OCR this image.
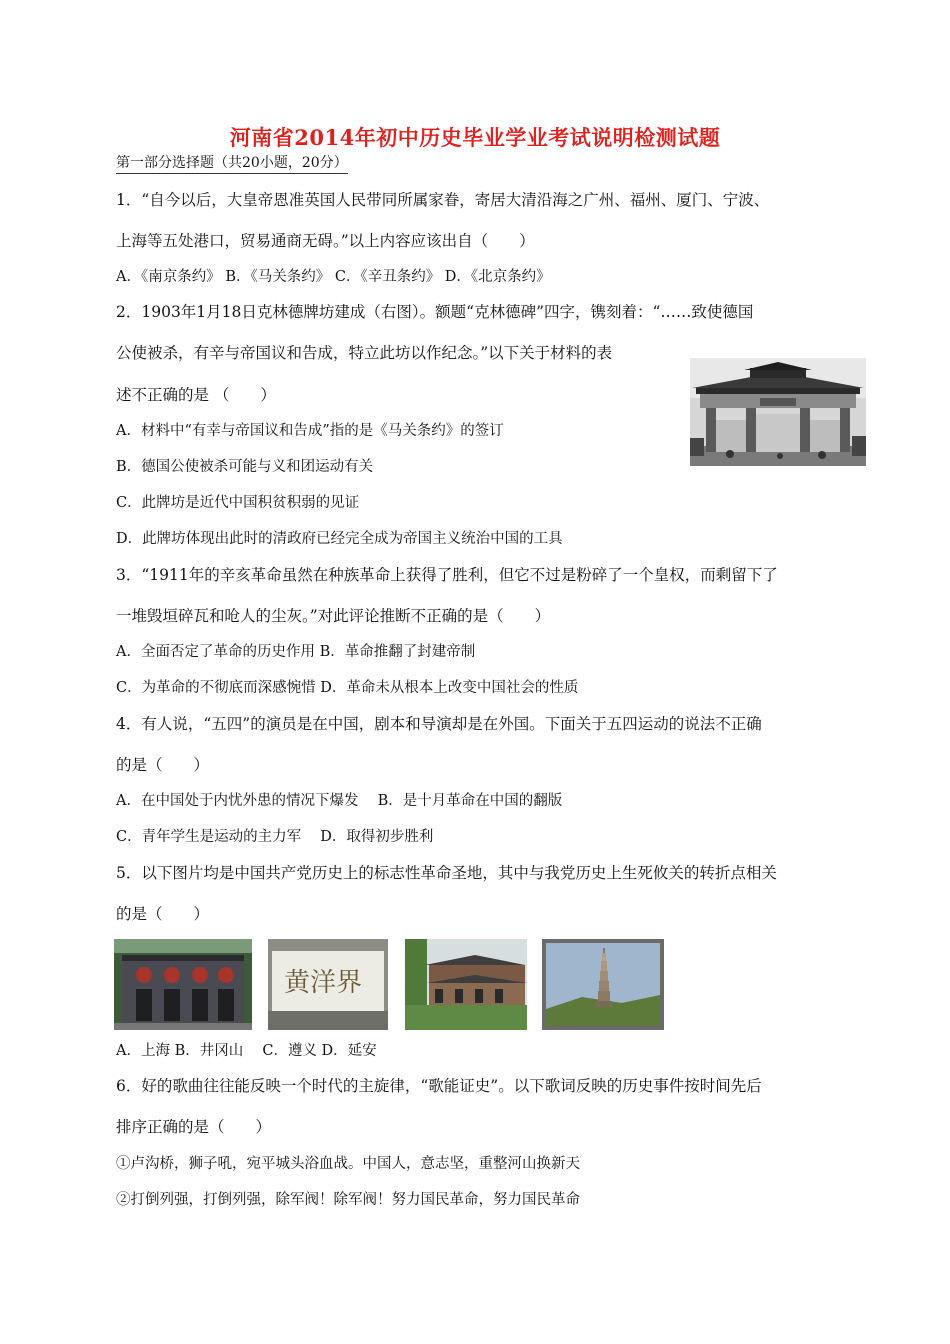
河南省2014年初中历史毕业学业考试说明检测试题
第一部分选择题（共20小题，20分）
1．“自今以后，大皇帝恩准英国人民带同所属家眷，寄居大清沿海之广州、福州、厦门、宁波、
上海等五处港口，贸易通商无碍。”以上内容应该出自（　　）
A．《南京条约》 B．《马关条约》 C．《辛丑条约》 D．《北京条约》
2．1903年1月18日克林德牌坊建成（右图）。额题“克林德碑”四字，镌刻着：“……致使德国
公使被杀，有辛与帝国议和告成，特立此坊以作纪念。”以下关于材料的表
述不正确的是 （　　）
A．材料中“有幸与帝国议和告成”指的是《马关条约》的签订
B．德国公使被杀可能与义和团运动有关
C．此牌坊是近代中国积贫积弱的见证
D．此牌坊体现出此时的清政府已经完全成为帝国主义统治中国的工具
3．“1911年的辛亥革命虽然在种族革命上获得了胜利，但它不过是粉碎了一个皇权，而剩留下了
一堆毁垣碎瓦和呛人的尘灰。”对此评论推断不正确的是（　　）
A．全面否定了革命的历史作用 B．革命推翻了封建帝制
C．为革命的不彻底而深感惋惜 D．革命未从根本上改变中国社会的性质
4．有人说，“五四”的演员是在中国，剧本和导演却是在外国。下面关于五四运动的说法不正确
的是（　　）
A．在中国处于内忧外患的情况下爆发　 B．是十月革命在中国的翻版
C．青年学生是运动的主力军　 D．取得初步胜利
5．以下图片均是中国共产党历史上的标志性革命圣地，其中与我党历史上生死攸关的转折点相关
的是（　　）
黄洋界
A．上海 B．井冈山　 C．遵义 D．延安
6．好的歌曲往往能反映一个时代的主旋律，“歌能证史”。以下歌词反映的历史事件按时间先后
排序正确的是（　　）
①卢沟桥，狮子吼，宛平城头浴血战。中国人，意志坚，重整河山换新天
②打倒列强，打倒列强，除军阀！除军阀！努力国民革命，努力国民革命
